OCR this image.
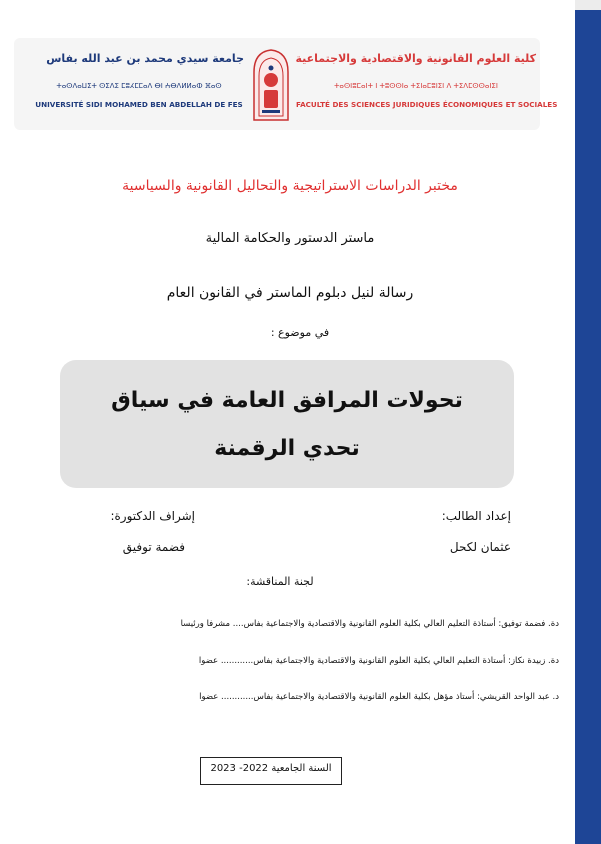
جامعة سيدي محمد بن عبد الله بفاس
ⵜⴰⵙⴷⴰⵡⵉⵜ ⵙⵉⴷⵉ ⵎⵓⵃⵎⵎⴰⴷ ⴱⵏ ⵄⴱⴷⵍⵍⴰⵀ ⴼⴰⵙ
UNIVERSITÉ SIDI MOHAMED BEN ABDELLAH DE FES
كلية العلوم القانونية والاقتصادية والاجتماعية
ⵜⴰⵙⵏⵓⵎⴰⵏⵜ ⵏ ⵜⵓⵙⵙⵏⴰ ⵜⵉⵏⴰⵎⵓⵏⵉⵏ ⴷ ⵜⵉⴷⵎⵙⵙⴰⵏⵉⵏ
FACULTÉ DES SCIENCES JURIDIQUES ÉCONOMIQUES ET SOCIALES
مختبر الدراسات الاستراتيجية والتحاليل القانونية والسياسية
ماستر الدستور والحكامة المالية
رسالة لنيل دبلوم الماستر في القانون العام
في موضوع :
تحولات المرافق العامة في سياق
تحدي الرقمنة
إعداد الطالب:
عثمان لكحل
إشراف الدكتورة:
فضمة توفيق
لجنة المناقشة:
دة. فضمة توفيق: أستاذة التعليم العالي بكلية العلوم القانونية والاقتصادية والاجتماعية بفاس.... مشرفا ورئيسا
دة. زبيدة نكاز: أستاذة التعليم العالي بكلية العلوم القانونية والاقتصادية والاجتماعية بفاس............ عضوا
د. عبد الواحد القريشي: أستاذ مؤهل بكلية العلوم القانونية والاقتصادية والاجتماعية بفاس............ عضوا
السنة الجامعية 2022- 2023
